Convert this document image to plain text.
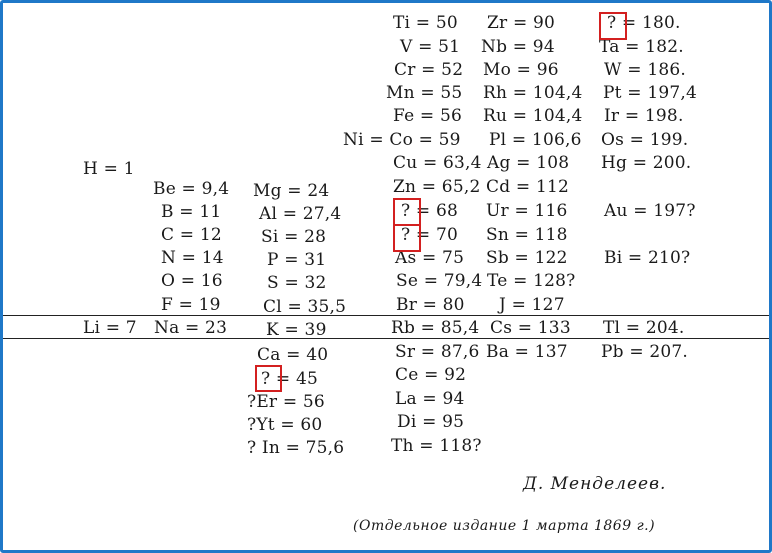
H = 1
Li = 7
Be = 9,4
B = 11
C = 12
N = 14
O = 16
F = 19
Na = 23
Mg = 24
Al = 27,4
Si = 28
P = 31
S = 32
Cl = 35,5
K = 39
Ca = 40
? = 45
?Er = 56
?Yt = 60
? In = 75,6
Ti = 50
V = 51
Cr = 52
Mn = 55
Fe = 56
Ni = Co = 59
Cu = 63,4
Zn = 65,2
? = 68
? = 70
As = 75
Se = 79,4
Br = 80
Rb = 85,4
Sr = 87,6
Ce = 92
La = 94
Di = 95
Th = 118?
Zr = 90
Nb = 94
Mo = 96
Rh = 104,4
Ru = 104,4
Pl = 106,6
Ag = 108
Cd = 112
Ur = 116
Sn = 118
Sb = 122
Te = 128?
J = 127
Cs = 133
Ba = 137
? = 180.
Ta = 182.
W = 186.
Pt = 197,4
Ir = 198.
Os = 199.
Hg = 200.
Au = 197?
Bi = 210?
Tl = 204.
Pb = 207.
Д. Менделеев.
(Отдельное издание 1 марта 1869 г.)
